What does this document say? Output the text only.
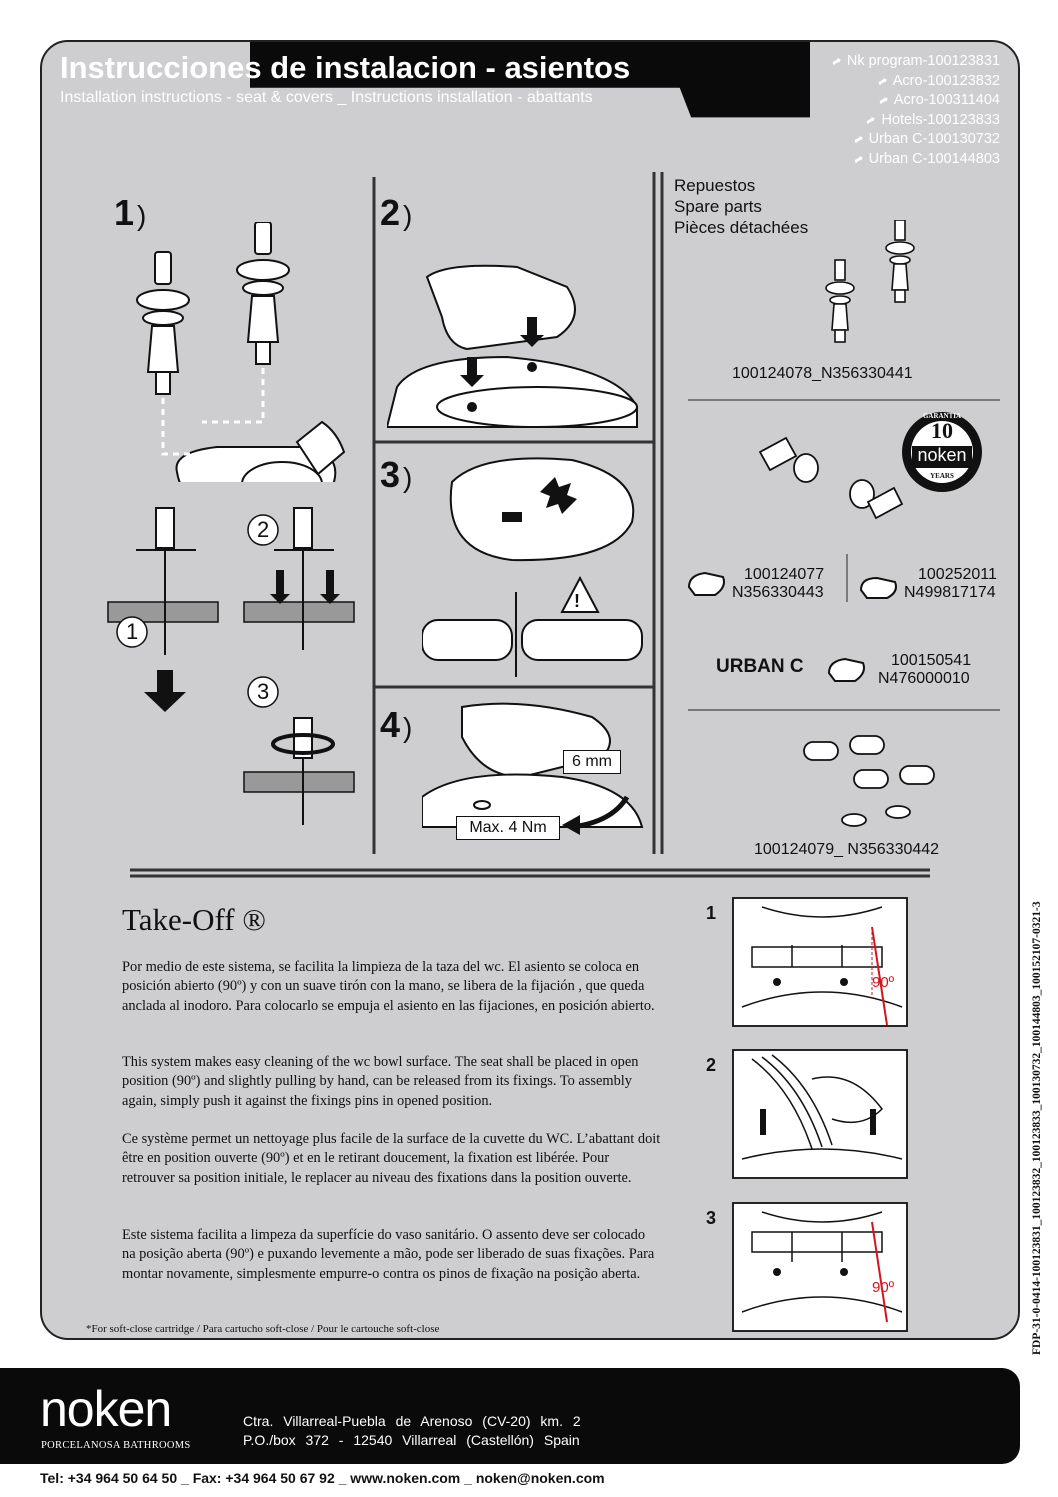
Instrucciones de instalacion - asientos
Installation instructions - seat & covers _ Instructions installation - abattants
➦ Nk program-100123831
➦ Acro-100123832
➦ Acro-100311404
➦ Hotels-100123833
➦ Urban C-100130732
➦ Urban C-100144803
1 )
1
2
3
2 )
3 )
!
4 )
6 mm
Max. 4 Nm
Repuestos
Spare parts
Pièces détachées
100124078_N356330441
GARANTIA
10
noken
YEARS
100124077
N356330443
100252011
N499817174
URBAN C	100150541
N476000010
100124079_ N356330442
Take-Off ®
Por medio de este sistema, se facilita la limpieza de la taza del wc. El asiento se coloca en posición abierto (90º) y con un suave tirón con la mano, se libera de la fijación , que queda anclada al inodoro. Para colocarlo se empuja el asiento en las fijaciones, en posición abierto.
This system makes easy cleaning of the wc bowl surface. The seat shall be placed in open position (90º) and slightly pulling by hand, can be released from its fixings. To assembly again, simply push it against the fixings pins in opened position.
Ce système permet un nettoyage plus facile de la surface de la cuvette du WC. L’abattant doit être en position ouverte (90º) et en le retirant doucement, la fixation est libérée. Pour retrouver sa position initiale, le replacer au niveau des fixations dans la position ouverte.
Este sistema facilita a limpeza da superfície do vaso sanitário. O assento deve ser colocado na posição aberta (90º) e puxando levemente a mão, pode ser liberado de suas fixações. Para montar novamente, simplesmente empurre-o contra os pinos de fixação na posição aberta.
1
2
3
90º
90º
*For soft-close cartridge / Para cartucho soft-close / Pour le cartouche soft-close	FDP-31-0-0414-100123831_100123832_100123833_100130732_100144803_100152107-0321-3
noken
PORCELANOSA BATHROOMS
Ctra. Villarreal-Puebla de Arenoso (CV-20) km. 2
P.O./box 372 - 12540 Villarreal (Castellón) Spain
Tel: +34 964 50 64 50 _ Fax: +34 964 50 67 92 _ www.noken.com _ noken@noken.com
